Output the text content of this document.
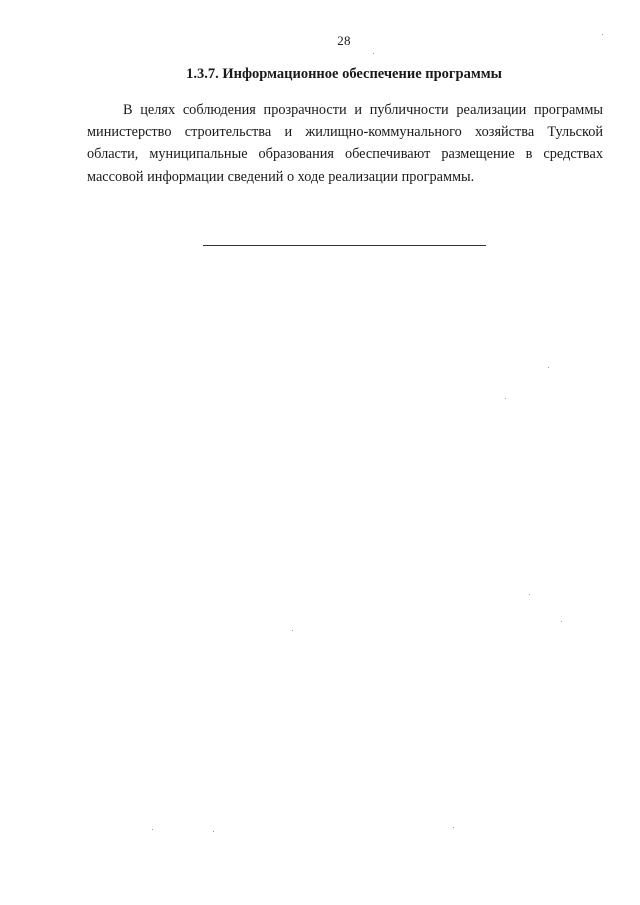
28
1.3.7. Информационное обеспечение программы

В целях соблюдения прозрачности и публичности реализации программы министерство строительства и жилищно-коммунального хозяйства Тульской области, муниципальные образования обеспечивают размещение в средствах массовой информации сведений о ходе реализации программы.
